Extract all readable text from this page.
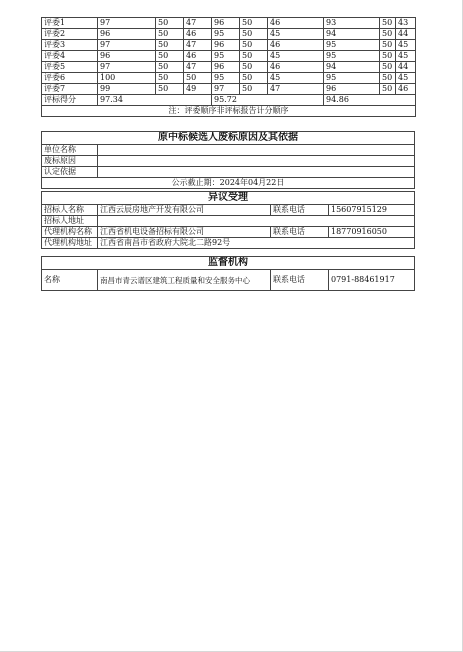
评委1	97	50	47	96	50	46	93	50	43
评委2	96	50	46	95	50	45	94	50	44
评委3	97	50	47	96	50	46	95	50	45
评委4	96	50	46	95	50	45	95	50	45
评委5	97	50	47	96	50	46	94	50	44
评委6	100	50	50	95	50	45	95	50	45
评委7	99	50	49	97	50	47	96	50	46
评标得分	97.34			95.72			94.86		
注：评委顺序非评标报告计分顺序									
原中标候选人废标原因及其依据	
单位名称	
废标原因	
认定依据	
公示截止期：2024年04月22日	
异议受理			
招标人名称	江西云辰房地产开发有限公司	联系电话	15607915129
招标人地址			
代理机构名称	江西省机电设备招标有限公司	联系电话	18770916050
代理机构地址	江西省南昌市省政府大院北二路92号		
监督机构
名称	南昌市青云谱区建筑工程质量和安全服务中心	联系电话	0791-88461917
